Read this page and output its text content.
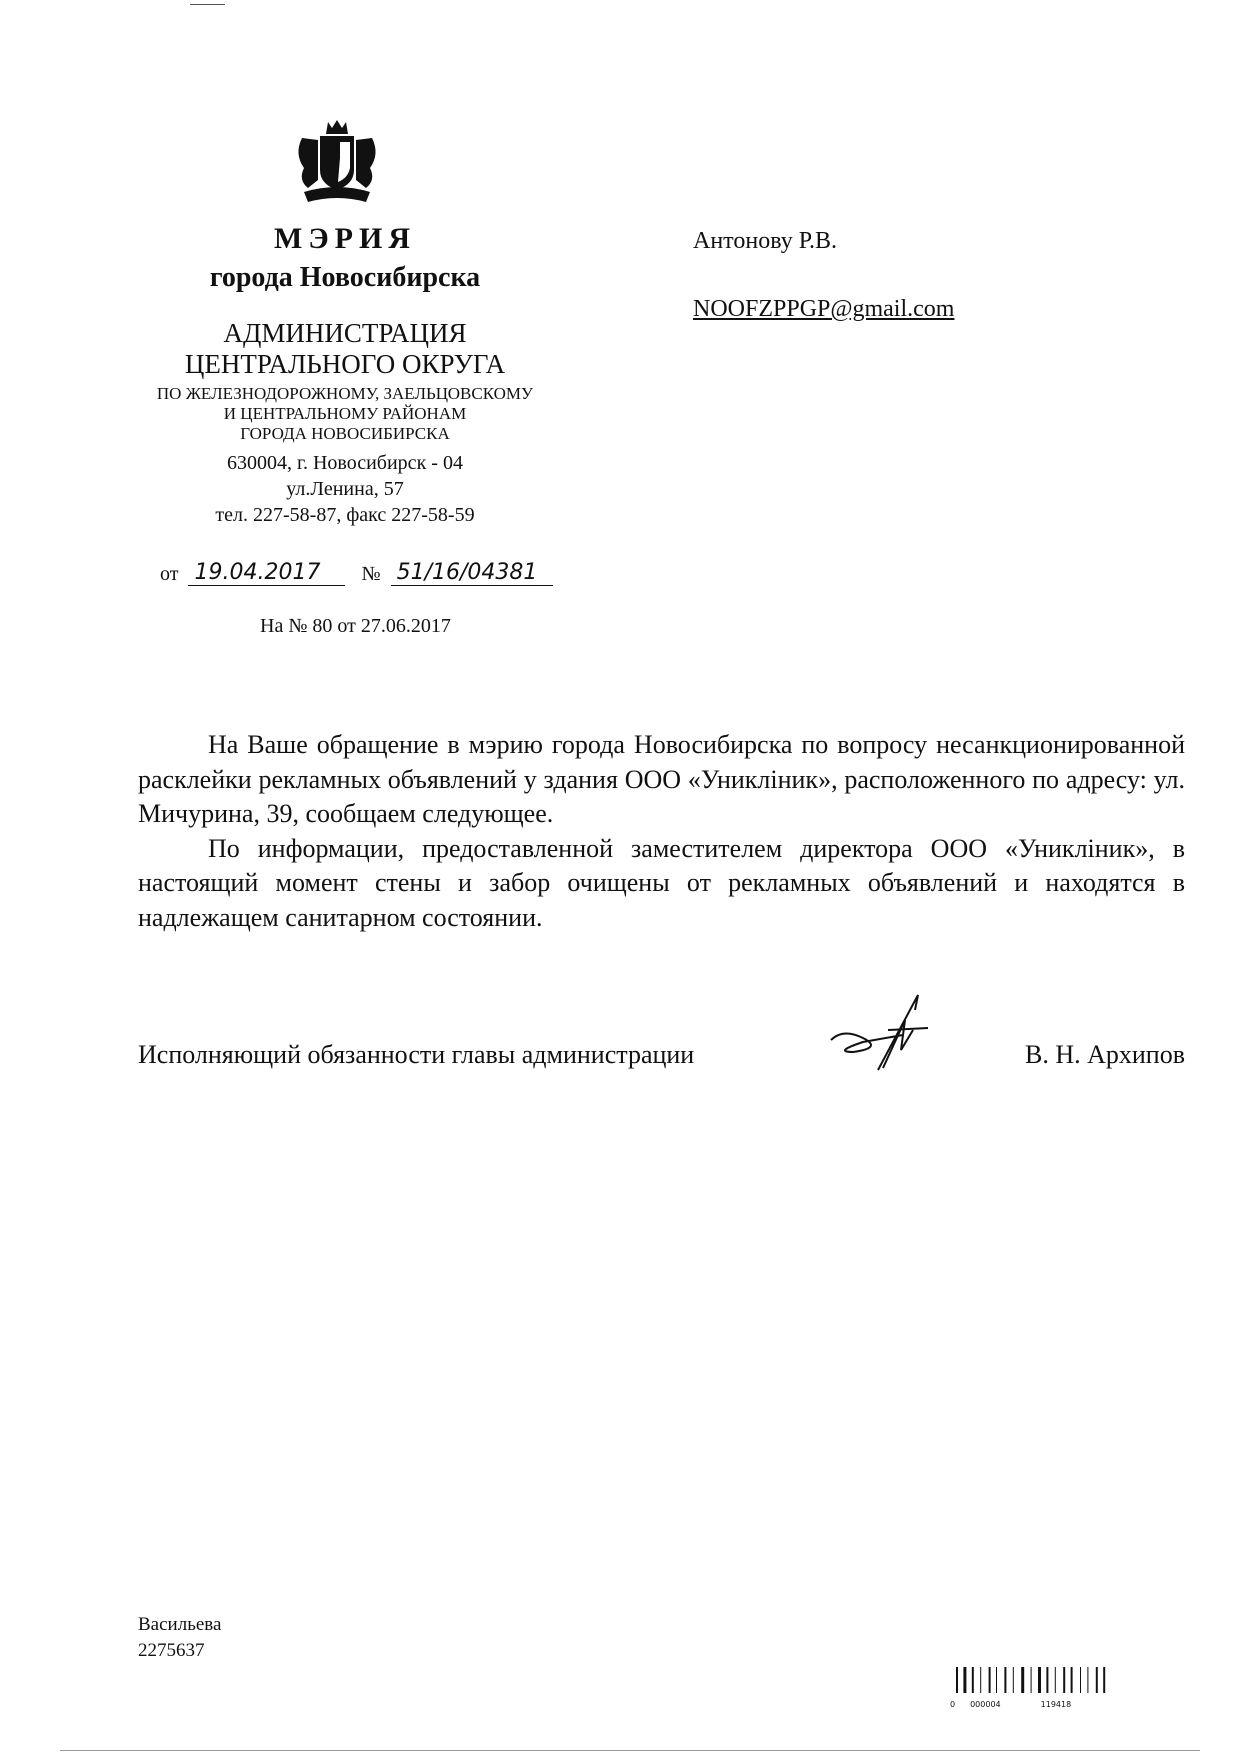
МЭРИЯ
города Новосибирска
АДМИНИСТРАЦИЯ
ЦЕНТРАЛЬНОГО ОКРУГА
ПО ЖЕЛЕЗНОДОРОЖНОМУ, ЗАЕЛЬЦОВСКОМУ
И ЦЕНТРАЛЬНОМУ РАЙОНАМ
ГОРОДА НОВОСИБИРСКА
630004, г. Новосибирск - 04
ул.Ленина, 57
тел. 227-58-87, факс 227-58-59
Антонову Р.В.
NOOFZPPGP@gmail.com
от 19.04.2017	№ 51/16/04381
На № 80 от 27.06.2017

На Ваше обращение в мэрию города Новосибирска по вопросу несанкционированной расклейки рекламных объявлений у здания ООО «Уникліник», расположенного по адресу: ул. Мичурина, 39, сообщаем следующее.

По информации, предоставленной заместителем директора ООО «Уникліник», в настоящий момент стены и забор очищены от рекламных объявлений и находятся в надлежащем санитарном состоянии.

Исполняющий обязанности главы администрации	В. Н. Архипов
Васильева
2275637
0 000004	119418
